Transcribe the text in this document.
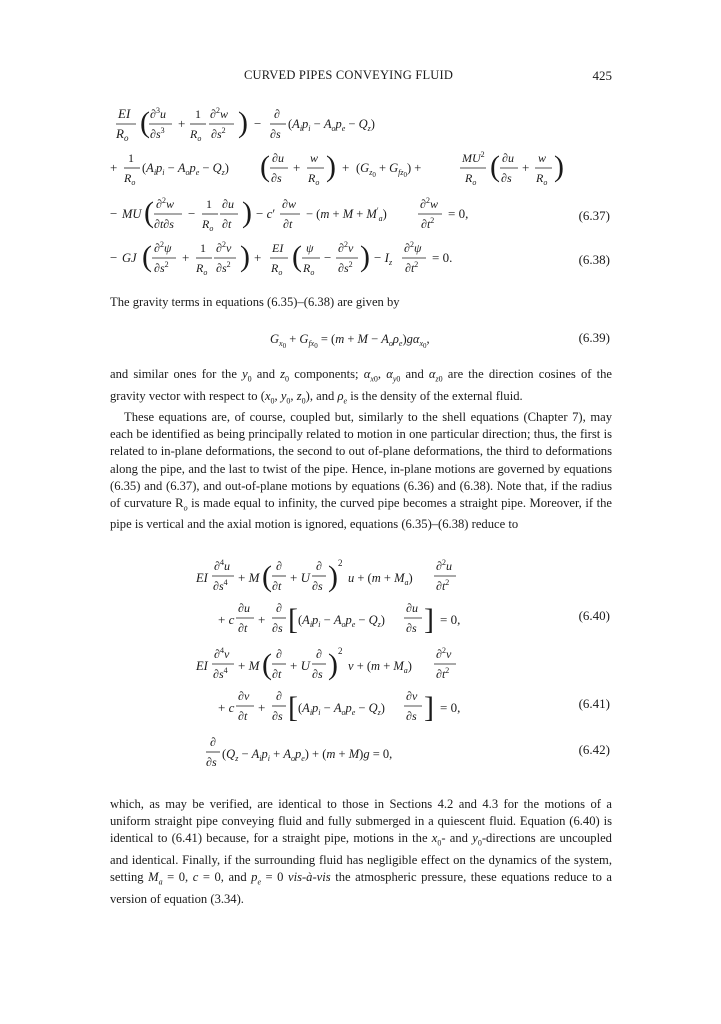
CURVED PIPES CONVEYING FLUID	425
EI
$R_o$ ( ∂$^3$u
$\partial s^3$ +
1
$R_o$
∂$^2$w
$\partial s^2$ ) −
∂
∂s
$(A_ip_i - A_op_e - Q_z)$
+
1
$R_o$
$(A_ip_i - A_op_e - Q_z)$ ( ∂u
∂s
+
w
$R_o$ ) + $(G_z0 + G_{fz}0)$ +
$MU^2$
$R_o$ ( ∂u
∂s
+
w
$R_o$ )
− MU ( ∂$^2$w
∂t∂s
−
1
$R_o$
∂u
∂t ) − c′
∂w
∂t
− $(m + M + M'_a)$
∂$^2$w
$\partial t^2 = 0$,	(6.37)
− GJ ( ∂$^2$ψ
$\partial s^2$ +
1
$R_o$
∂$^2$v
$\partial s^2$ ) +
EI
$R_o$ ( ψ
$R_o$
−
∂$^2$v
$\partial s^2$ ) − $I_z$
∂$^2$ψ
$\partial t^2 = 0$.	(6.38)

The gravity terms in equations (6.35)–(6.38) are given by

$G_x0 + G_{fx}0 = (m + M - A_o\rho_e)g\alpha_x0$,	(6.39)

and similar ones for the $y_0$ and $z_0$ components; $\alpha_{x0}$, $\alpha_{y0}$ and $\alpha_{z0}$ are the direction cosines of the gravity vector with respect to ($x_0$, $y_0$, $z_0$), and $\rho_e$ is the density of the external fluid.

These equations are, of course, coupled but, similarly to the shell equations (Chapter 7), may each be identified as being principally related to motion in one particular direction; thus, the first is related to in-plane deformations, the second to out of-plane deformations, the third to deformations along the pipe, and the last to twist of the pipe. Hence, in-plane motions are governed by equations (6.35) and (6.37), and out-of-plane motions by equations (6.36) and (6.38). Note that, if the radius of curvature $R_o$ is made equal to infinity, the curved pipe becomes a straight pipe. Moreover, if the pipe is vertical and the axial motion is ignored, equations (6.35)–(6.38) reduce to

EI
∂$^4$u
$\partial s^4 + M$ ( ∂
∂t
+ U
∂
∂s ) 2
$u + (m + M_a)$
∂$^2$u
$\partial t^2$
+ c
∂u
∂t
+
∂
∂s [ $(A_ip_i - A_op_e - Q_z)$
∂u
∂s ] = 0,	(6.40)
EI
∂$^4$v
$\partial s^4 + M$ ( ∂
∂t
+ U
∂
∂s ) 2
$v + (m + M_a)$
∂$^2$v
$\partial t^2$
+ c
∂v
∂t
+
∂
∂s [ $(A_ip_i - A_op_e - Q_z)$
∂v
∂s ] = 0,	(6.41)
∂
∂s
$(Q_z - A_ip_i + A_op_e) + (m + M)g = 0$,	(6.42)

which, as may be verified, are identical to those in Sections 4.2 and 4.3 for the motions of a uniform straight pipe conveying fluid and fully submerged in a quiescent fluid. Equation (6.40) is identical to (6.41) because, for a straight pipe, motions in the $x_0-$ and $y_0$-directions are uncoupled and identical. Finally, if the surrounding fluid has negligible effect on the dynamics of the system, setting $M_a = 0$, c = 0, and $p_e = 0$ vis-à-vis the atmospheric pressure, these equations reduce to a version of equation (3.34).
